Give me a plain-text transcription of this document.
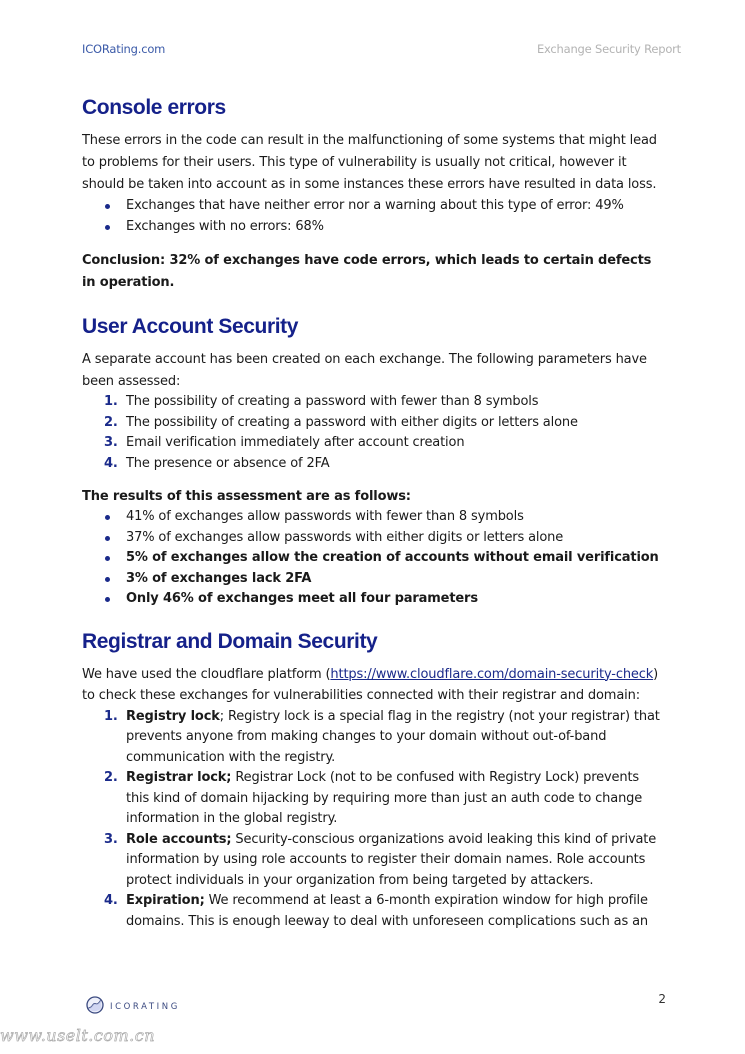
ICORating.com	Exchange Security Report
Console errors

These errors in the code can result in the malfunctioning of some systems that might lead to problems for their users. This type of vulnerability is usually not critical, however it should be taken into account as in some instances these errors have resulted in data loss.

Exchanges that have neither error nor a warning about this type of error: 49%
Exchanges with no errors: 68%

Conclusion: 32% of exchanges have code errors, which leads to certain defects in operation.

User Account Security

A separate account has been created on each exchange. The following parameters have been assessed:

1. The possibility of creating a password with fewer than 8 symbols
2. The possibility of creating a password with either digits or letters alone
3. Email verification immediately after account creation
4. The presence or absence of 2FA

The results of this assessment are as follows:

41% of exchanges allow passwords with fewer than 8 symbols
37% of exchanges allow passwords with either digits or letters alone
5% of exchanges allow the creation of accounts without email verification
3% of exchanges lack 2FA
Only 46% of exchanges meet all four parameters
Registrar and Domain Security

We have used the cloudflare platform (https://www.cloudflare.com/domain-security-check) to check these exchanges for vulnerabilities connected with their registrar and domain:

1. Registry lock; Registry lock is a special flag in the registry (not your registrar) that prevents anyone from making changes to your domain without out-of-band communication with the registry.
2. Registrar lock; Registrar Lock (not to be confused with Registry Lock) prevents this kind of domain hijacking by requiring more than just an auth code to change information in the global registry.
3. Role accounts; Security-conscious organizations avoid leaking this kind of private information by using role accounts to register their domain names. Role accounts protect individuals in your organization from being targeted by attackers.
4. Expiration; We recommend at least a 6-month expiration window for high profile domains. This is enough leeway to deal with unforeseen complications such as an
ICORATING
2
www.uselt.com.cn
